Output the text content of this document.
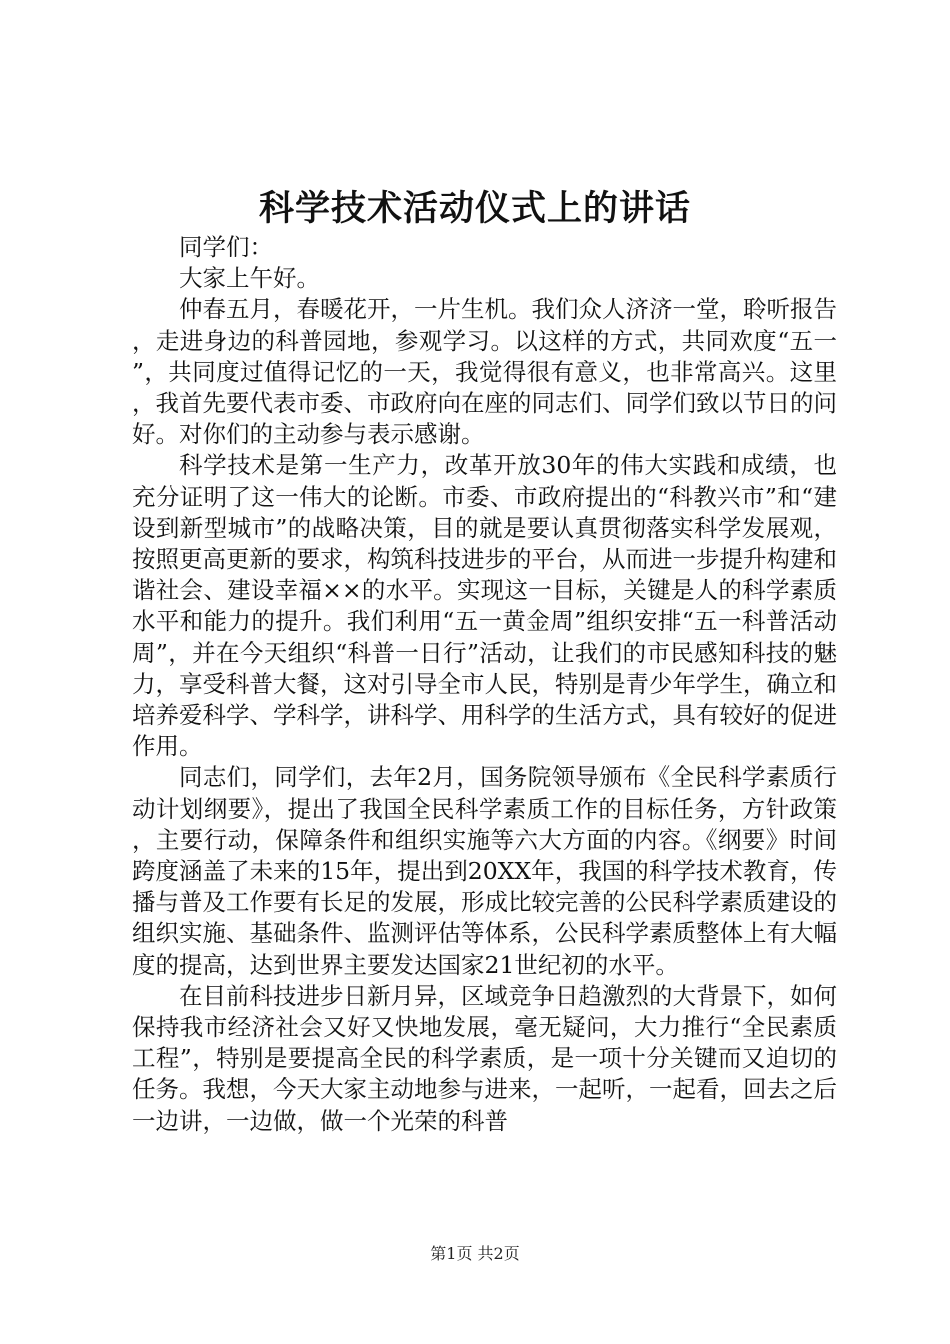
科学技术活动仪式上的讲话

同学们：

大家上午好。

仲春五月，春暖花开，一片生机。我们众人济济一堂，聆听报告，走进身边的科普园地，参观学习。以这样的方式，共同欢度“五一”，共同度过值得记忆的一天，我觉得很有意义，也非常高兴。这里，我首先要代表市委、市政府向在座的同志们、同学们致以节日的问好。对你们的主动参与表示感谢。

科学技术是第一生产力，改革开放30年的伟大实践和成绩，也充分证明了这一伟大的论断。市委、市政府提出的“科教兴市”和“建设到新型城市”的战略决策，目的就是要认真贯彻落实科学发展观，按照更高更新的要求，构筑科技进步的平台，从而进一步提升构建和谐社会、建设幸福××的水平。实现这一目标，关键是人的科学素质水平和能力的提升。我们利用“五一黄金周”组织安排“五一科普活动周”，并在今天组织“科普一日行”活动，让我们的市民感知科技的魅力，享受科普大餐，这对引导全市人民，特别是青少年学生，确立和培养爱科学、学科学，讲科学、用科学的生活方式，具有较好的促进作用。

同志们，同学们，去年2月，国务院领导颁布《全民科学素质行动计划纲要》，提出了我国全民科学素质工作的目标任务，方针政策，主要行动，保障条件和组织实施等六大方面的内容。《纲要》时间跨度涵盖了未来的15年，提出到20XX年，我国的科学技术教育，传播与普及工作要有长足的发展，形成比较完善的公民科学素质建设的组织实施、基础条件、监测评估等体系，公民科学素质整体上有大幅度的提高，达到世界主要发达国家21世纪初的水平。

在目前科技进步日新月异，区域竞争日趋激烈的大背景下，如何保持我市经济社会又好又快地发展，毫无疑问，大力推行“全民素质工程”，特别是要提高全民的科学素质，是一项十分关键而又迫切的任务。我想，今天大家主动地参与进来，一起听，一起看，回去之后一边讲，一边做，做一个光荣的科普

第1页 共2页
